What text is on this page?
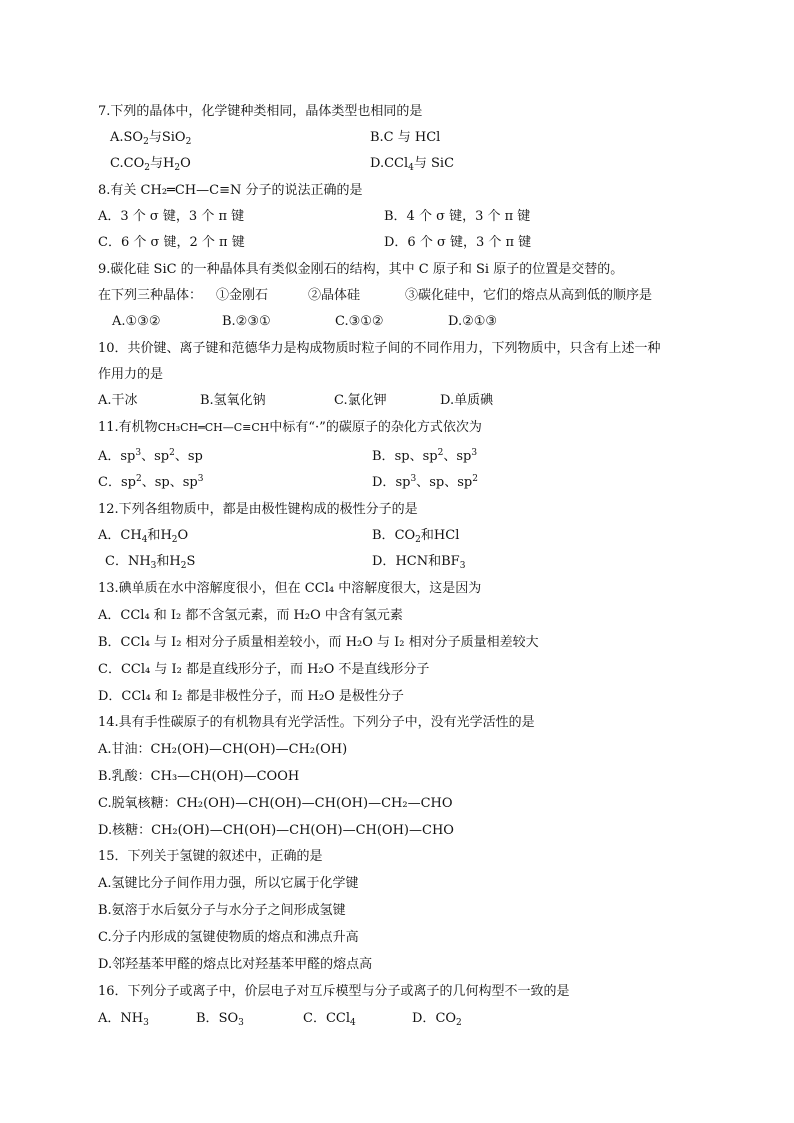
7.下列的晶体中，化学键种类相同，晶体类型也相同的是
$A.SO_2$与SiO$_2$	B.C 与 HCl
$C.CO_2$与$H_2O$	D.CCl$_4$与 SiC
8.有关 CH₂═CH—C≡N 分子的说法正确的是
A．3 个 σ 键，3 个 π 键	B．4 个 σ 键，3 个 π 键
C．6 个 σ 键，2 个 π 键	D．6 个 σ 键，3 个 π 键
9.碳化硅 SiC 的一种晶体具有类似金刚石的结构，其中 C 原子和 Si 原子的位置是交替的。
在下列三种晶体： ①金刚石	②晶体硅	③碳化硅中，它们的熔点从高到低的顺序是
A.①③②	B.②③①	C.③①②	D.②①③
10．共价键、离子键和范德华力是构成物质时粒子间的不同作用力，下列物质中，只含有上述一种
作用力的是
A.干冰	B.氢氧化钠	C.氯化钾	D.单质碘
11.有机物CH₃CH═CH—C≡CH中标有“·”的碳原子的杂化方式依次为
A．$sp^3$、$sp^2$、sp	B．sp、$sp^2$、$sp^3$
C．$sp^2$、sp、$sp^3$	D．$sp^3$、sp、$sp^2$
12.下列各组物质中，都是由极性键构成的极性分子的是
A．$CH_4$和$H_2O$	B．$CO_2$和HCl
C．$NH_3$和$H_2S$	D．HCN和$BF_3$
13.碘单质在水中溶解度很小，但在 CCl₄ 中溶解度很大，这是因为
A．CCl₄ 和 I₂ 都不含氢元素，而 H₂O 中含有氢元素
B．CCl₄ 与 I₂ 相对分子质量相差较小，而 H₂O 与 I₂ 相对分子质量相差较大
C．CCl₄ 与 I₂ 都是直线形分子，而 H₂O 不是直线形分子
D．CCl₄ 和 I₂ 都是非极性分子，而 H₂O 是极性分子
14.具有手性碳原子的有机物具有光学活性。下列分子中，没有光学活性的是
A.甘油：CH₂(OH)—CH(OH)—CH₂(OH)
B.乳酸：CH₃—CH(OH)—COOH
C.脱氧核糖：CH₂(OH)—CH(OH)—CH(OH)—CH₂—CHO
D.核糖：CH₂(OH)—CH(OH)—CH(OH)—CH(OH)—CHO
15．下列关于氢键的叙述中，正确的是
A.氢键比分子间作用力强，所以它属于化学键
B.氨溶于水后氨分子与水分子之间形成氢键
C.分子内形成的氢键使物质的熔点和沸点升高
D.邻羟基苯甲醛的熔点比对羟基苯甲醛的熔点高
16．下列分子或离子中，价层电子对互斥模型与分子或离子的几何构型不一致的是
A．$NH_3$	B．$SO_3$	C．CCl$_4$	D．$CO_2$
